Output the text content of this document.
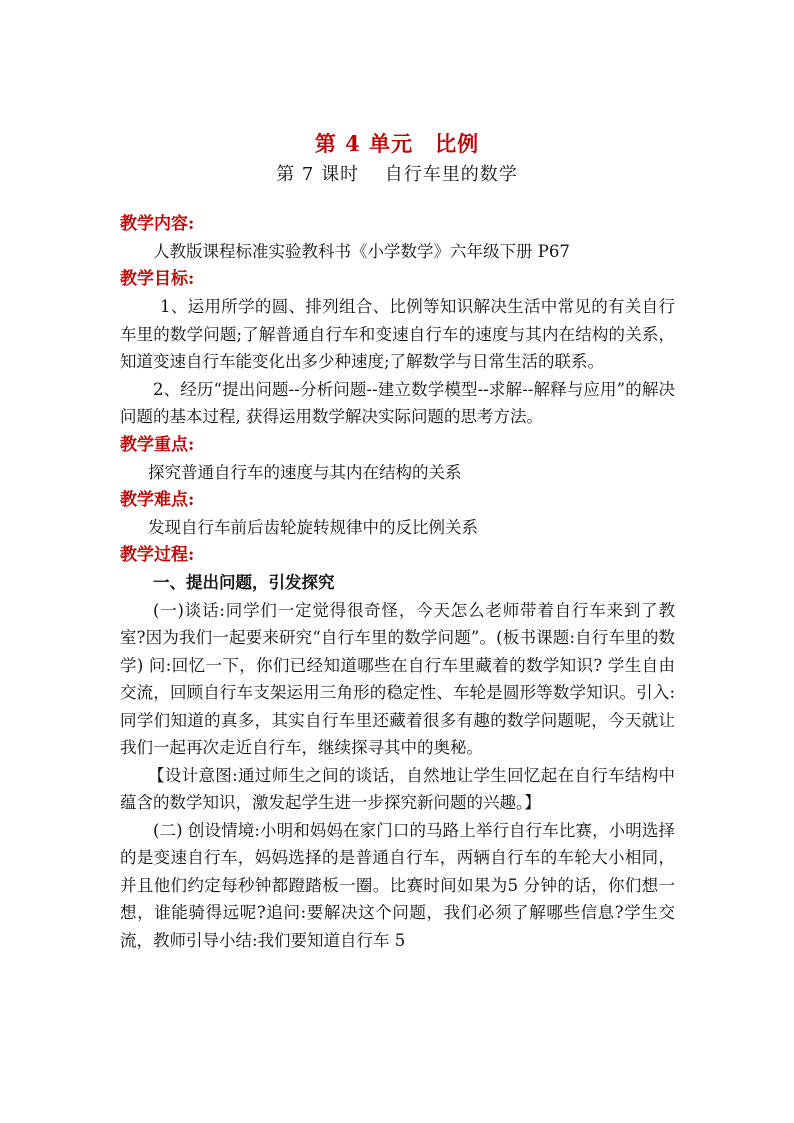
第 4 单元　比例
第 7 课时　 自行车里的数学
教学内容:
人教版课程标准实验教科书《小学数学》六年级下册 P67
教学目标:
1、运用所学的圆、排列组合、比例等知识解决生活中常见的有关自行车里的数学问题;了解普通自行车和变速自行车的速度与其内在结构的关系，知道变速自行车能变化出多少种速度;了解数学与日常生活的联系。
2、经历“提出问题--分析问题--建立数学模型--求解--解释与应用”的解决问题的基本过程, 获得运用数学解决实际问题的思考方法。
教学重点:
探究普通自行车的速度与其内在结构的关系
教学难点:
发现自行车前后齿轮旋转规律中的反比例关系
教学过程:
一、提出问题，引发探究
(一)谈话:同学们一定觉得很奇怪，今天怎么老师带着自行车来到了教室?因为我们一起要来研究“自行车里的数学问题”。(板书课题:自行车里的数学) 问:回忆一下，你们已经知道哪些在自行车里藏着的数学知识? 学生自由交流，回顾自行车支架运用三角形的稳定性、车轮是圆形等数学知识。引入:同学们知道的真多，其实自行车里还藏着很多有趣的数学问题呢，今天就让我们一起再次走近自行车，继续探寻其中的奥秘。
【设计意图:通过师生之间的谈话，自然地让学生回忆起在自行车结构中蕴含的数学知识，激发起学生进一步探究新问题的兴趣。】
(二) 创设情境:小明和妈妈在家门口的马路上举行自行车比赛，小明选择的是变速自行车，妈妈选择的是普通自行车，两辆自行车的车轮大小相同，并且他们约定每秒钟都蹬踏板一圈。比赛时间如果为5 分钟的话，你们想一想，谁能骑得远呢?追问:要解决这个问题，我们必须了解哪些信息?学生交流，教师引导小结:我们要知道自行车 5
